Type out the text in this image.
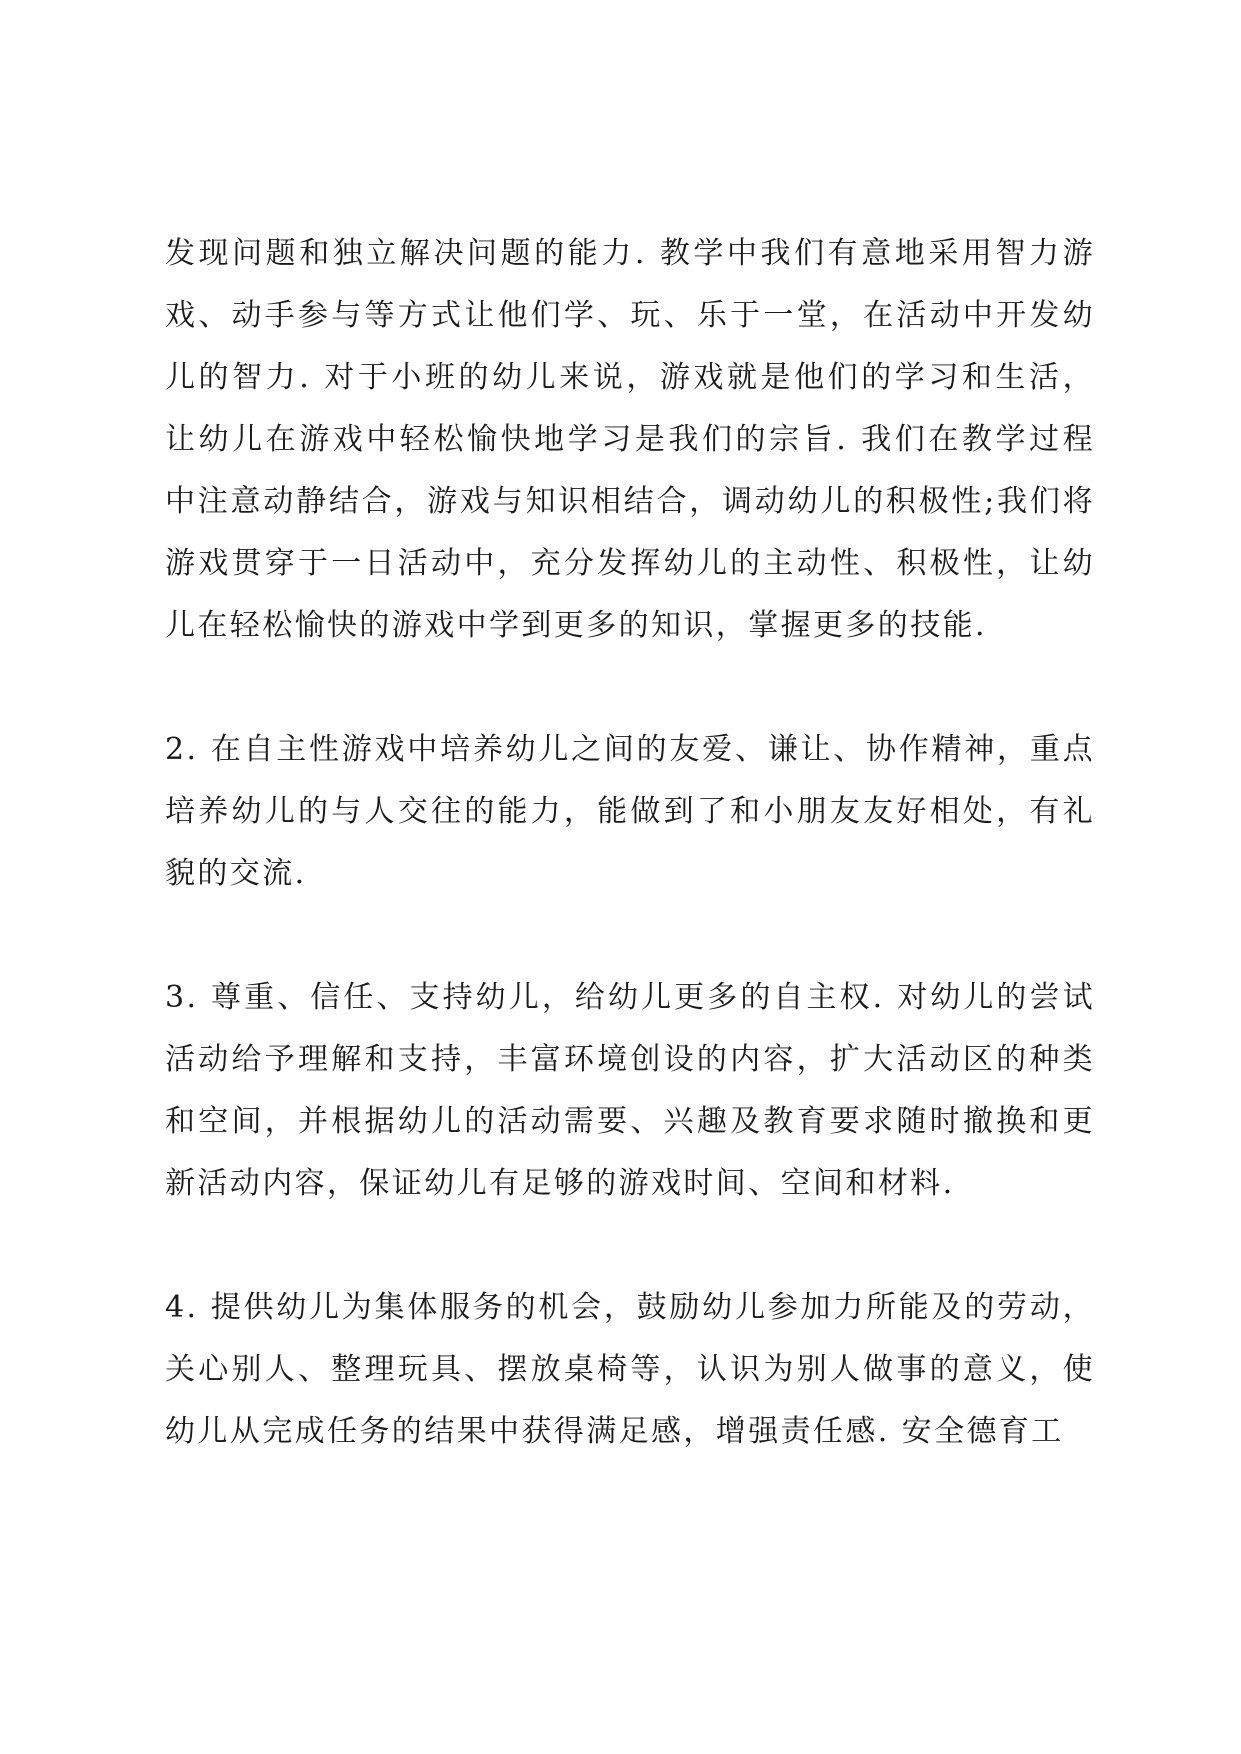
发现问题和独立解决问题的能力. 教学中我们有意地采用智力游戏、动手参与等方式让他们学、玩、乐于一堂，在活动中开发幼儿的智力. 对于小班的幼儿来说，游戏就是他们的学习和生活，让幼儿在游戏中轻松愉快地学习是我们的宗旨. 我们在教学过程中注意动静结合，游戏与知识相结合，调动幼儿的积极性;我们将游戏贯穿于一日活动中，充分发挥幼儿的主动性、积极性，让幼儿在轻松愉快的游戏中学到更多的知识，掌握更多的技能.

2. 在自主性游戏中培养幼儿之间的友爱、谦让、协作精神，重点培养幼儿的与人交往的能力，能做到了和小朋友友好相处，有礼貌的交流.

3. 尊重、信任、支持幼儿，给幼儿更多的自主权. 对幼儿的尝试活动给予理解和支持，丰富环境创设的内容，扩大活动区的种类和空间，并根据幼儿的活动需要、兴趣及教育要求随时撤换和更新活动内容，保证幼儿有足够的游戏时间、空间和材料.

4. 提供幼儿为集体服务的机会，鼓励幼儿参加力所能及的劳动，关心别人、整理玩具、摆放桌椅等，认识为别人做事的意义，使幼儿从完成任务的结果中获得满足感，增强责任感. 安全德育工
